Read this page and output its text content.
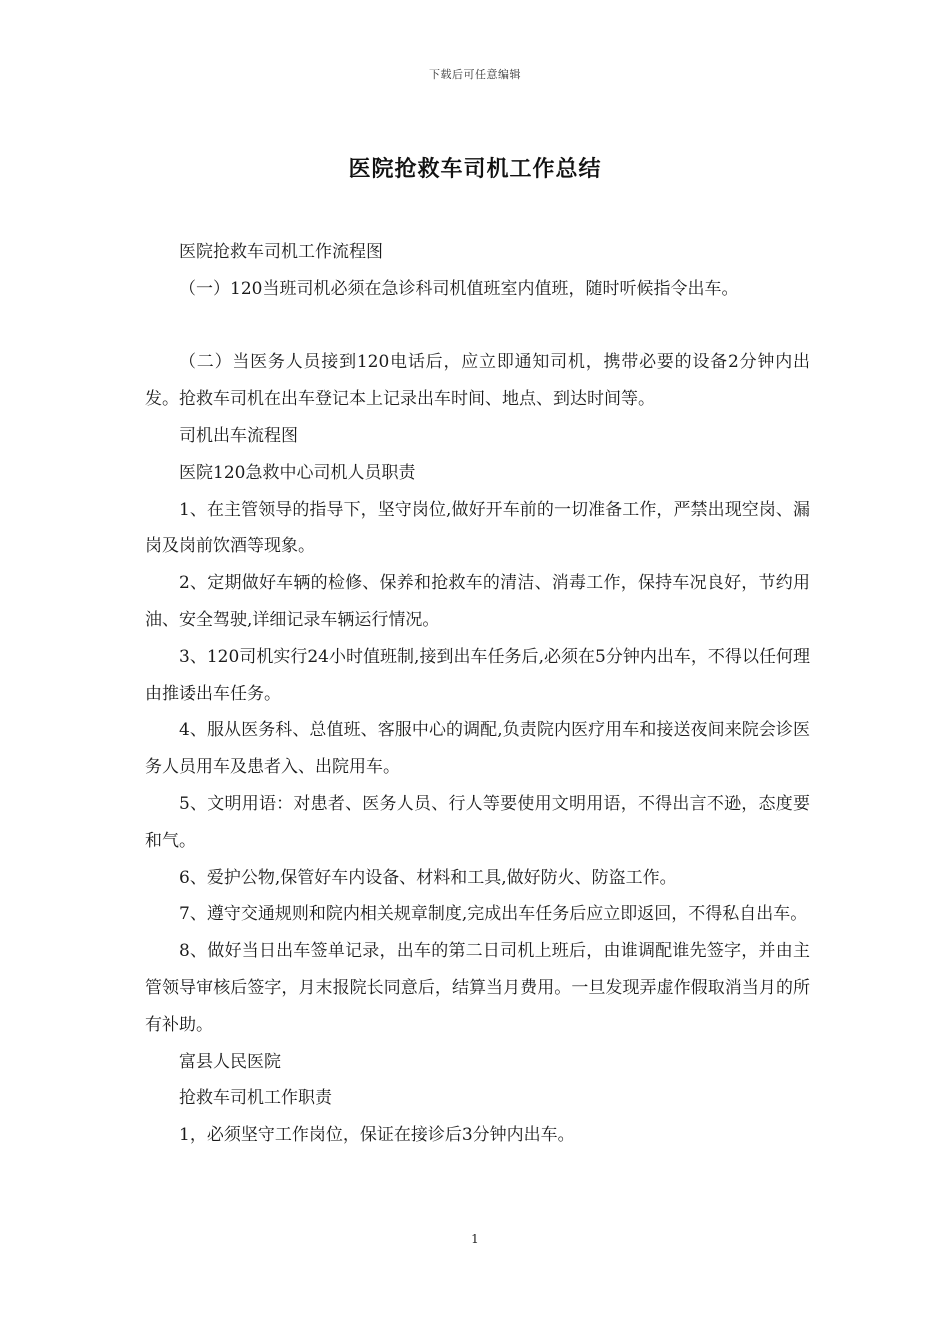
下载后可任意编辑
医院抢救车司机工作总结

医院抢救车司机工作流程图

（一）120当班司机必须在急诊科司机值班室内值班，随时听候指令出车。

（二）当医务人员接到120电话后，应立即通知司机，携带必要的设备2分钟内出发。抢救车司机在出车登记本上记录出车时间、地点、到达时间等。

司机出车流程图

医院120急救中心司机人员职责

1、在主管领导的指导下，坚守岗位,做好开车前的一切准备工作，严禁出现空岗、漏岗及岗前饮酒等现象。

2、定期做好车辆的检修、保养和抢救车的清洁、消毒工作，保持车况良好，节约用油、安全驾驶,详细记录车辆运行情况。

3、120司机实行24小时值班制,接到出车任务后,必须在5分钟内出车，不得以任何理由推诿出车任务。

4、服从医务科、总值班、客服中心的调配,负责院内医疗用车和接送夜间来院会诊医务人员用车及患者入、出院用车。

5、文明用语：对患者、医务人员、行人等要使用文明用语，不得出言不逊，态度要和气。

6、爱护公物,保管好车内设备、材料和工具,做好防火、防盗工作。

7、遵守交通规则和院内相关规章制度,完成出车任务后应立即返回，不得私自出车。

8、做好当日出车签单记录，出车的第二日司机上班后，由谁调配谁先签字，并由主管领导审核后签字，月末报院长同意后，结算当月费用。一旦发现弄虚作假取消当月的所有补助。

富县人民医院

抢救车司机工作职责

1，必须坚守工作岗位，保证在接诊后3分钟内出车。

1
